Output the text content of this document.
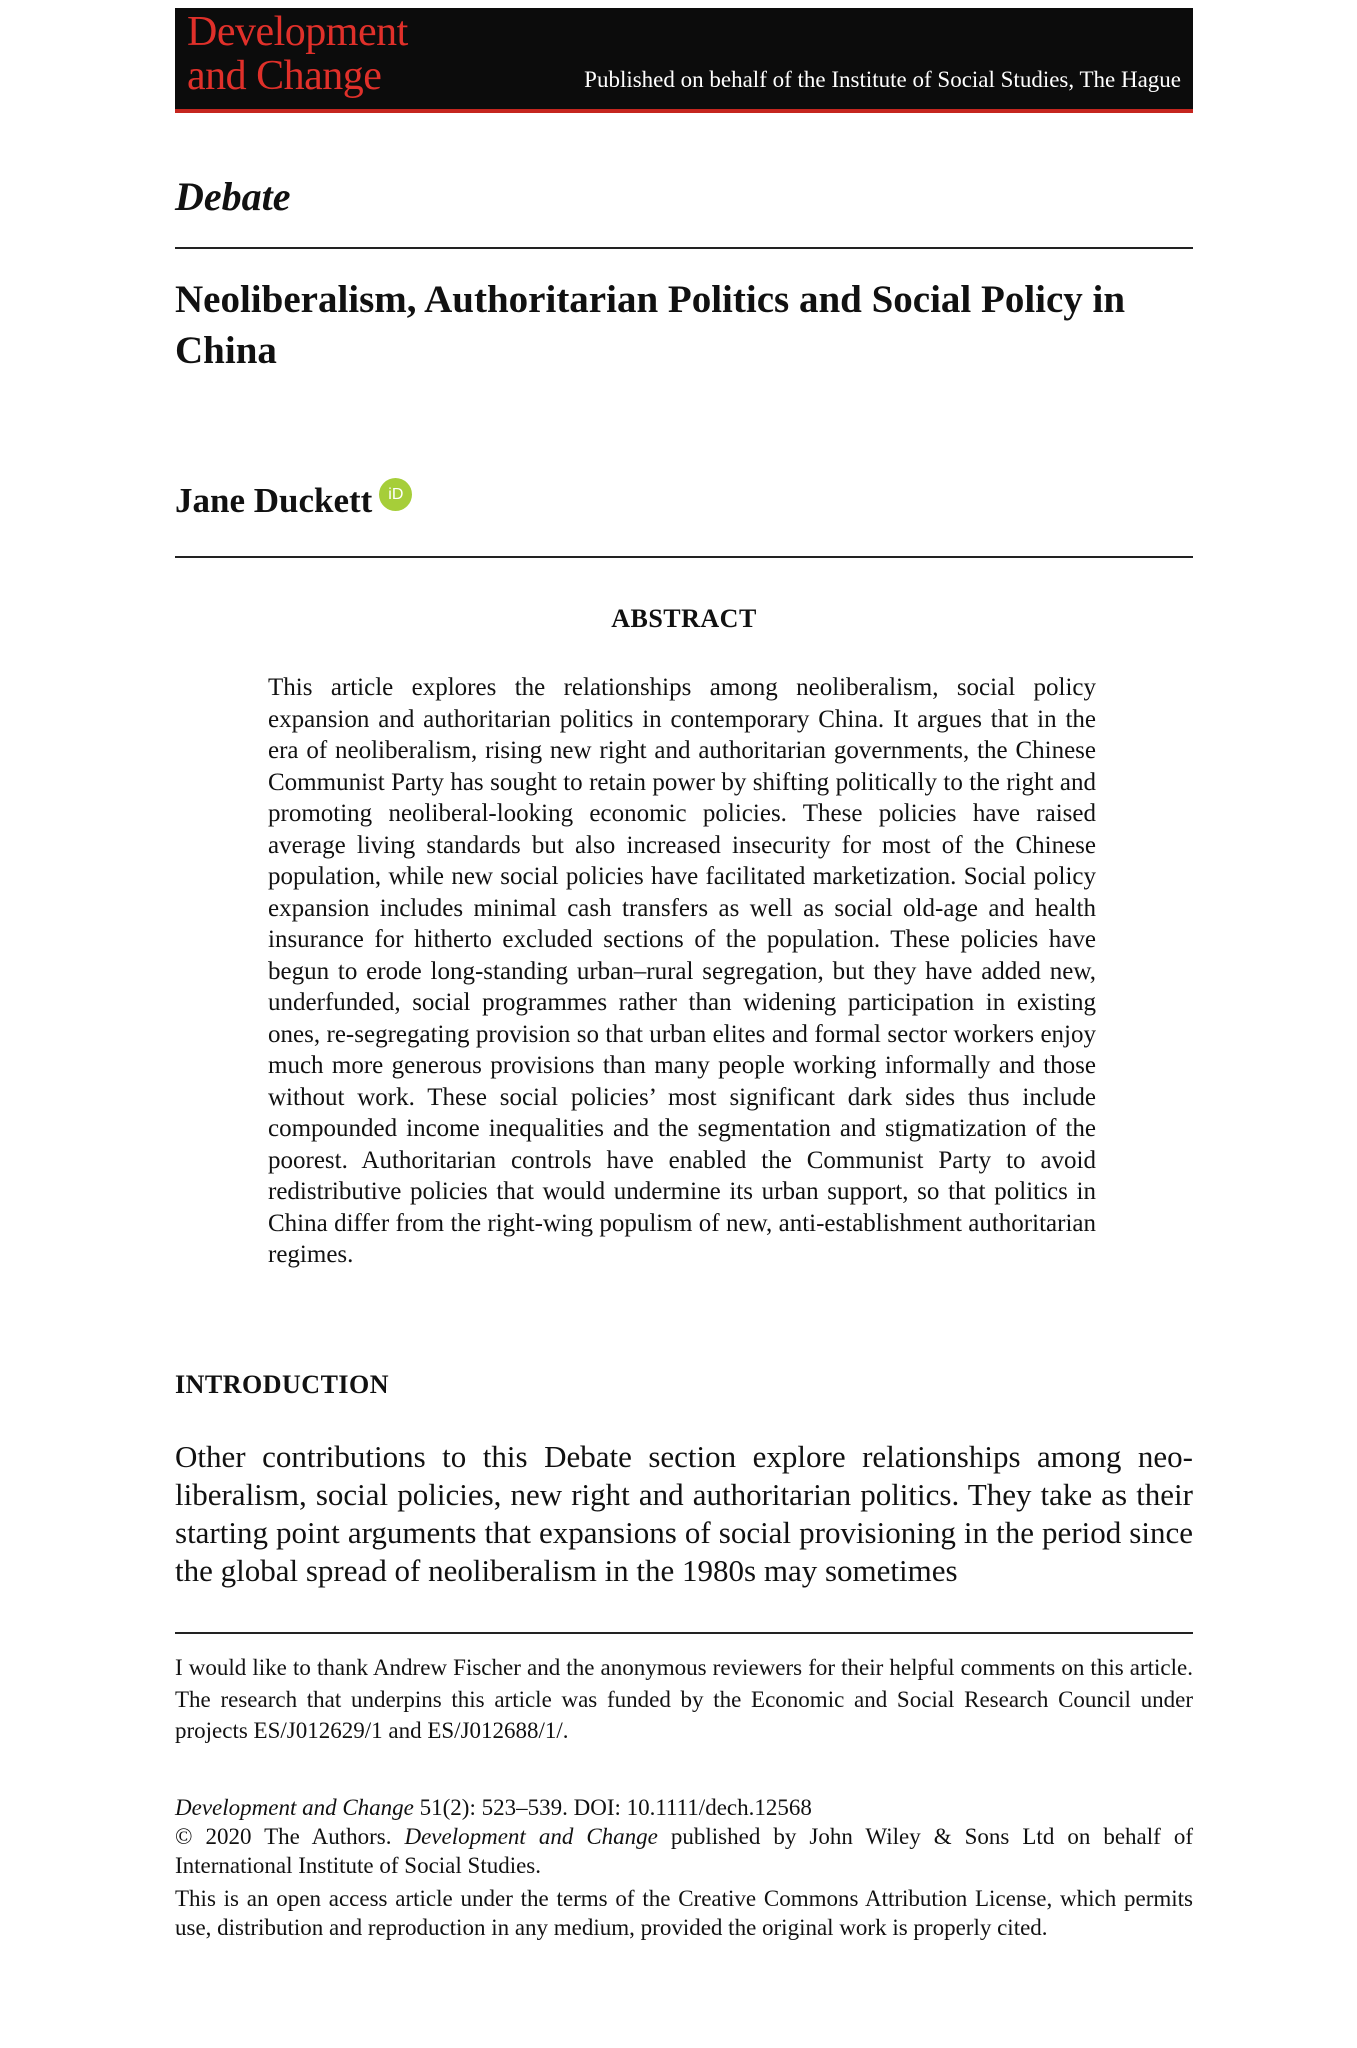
Development
and Change	Published on behalf of the Institute of Social Studies, The Hague
Debate
Neoliberalism, Authoritarian Politics and Social Policy in China
Jane Duckett iD
ABSTRACT

This article explores the relationships among neoliberalism, social policy expansion and authoritarian politics in contemporary China. It argues that in the era of neoliberalism, rising new right and authoritarian governments, the Chinese Communist Party has sought to retain power by shifting politically to the right and promoting neoliberal-looking economic policies. These policies have raised average living standards but also increased insecurity for most of the Chinese population, while new social policies have facilitated marketization. Social policy expansion includes minimal cash transfers as well as social old-age and health insurance for hitherto excluded sections of the population. These policies have begun to erode long-standing urban–rural segregation, but they have added new, underfunded, social programmes rather than widening participation in existing ones, re-segregating provision so that urban elites and formal sector workers enjoy much more generous provisions than many people working informally and those without work. These social policies’ most significant dark sides thus include compounded income inequalities and the segmentation and stigmatization of the poorest. Authoritarian controls have enabled the Communist Party to avoid redistributive policies that would undermine its urban support, so that politics in China differ from the right-wing populism of new, anti-establishment authoritarian regimes.

INTRODUCTION

Other contributions to this Debate section explore relationships among neoliberalism, social policies, new right and authoritarian politics. They take as their starting point arguments that expansions of social provisioning in the period since the global spread of neoliberalism in the 1980s may sometimes

I would like to thank Andrew Fischer and the anonymous reviewers for their helpful comments on this article. The research that underpins this article was funded by the Economic and Social Research Council under projects ES/J012629/1 and ES/J012688/1/.

Development and Change 51(2): 523–539. DOI: 10.1111/dech.12568

© 2020 The Authors. Development and Change published by John Wiley & Sons Ltd on behalf of International Institute of Social Studies.

This is an open access article under the terms of the Creative Commons Attribution License, which permits use, distribution and reproduction in any medium, provided the original work is properly cited.
